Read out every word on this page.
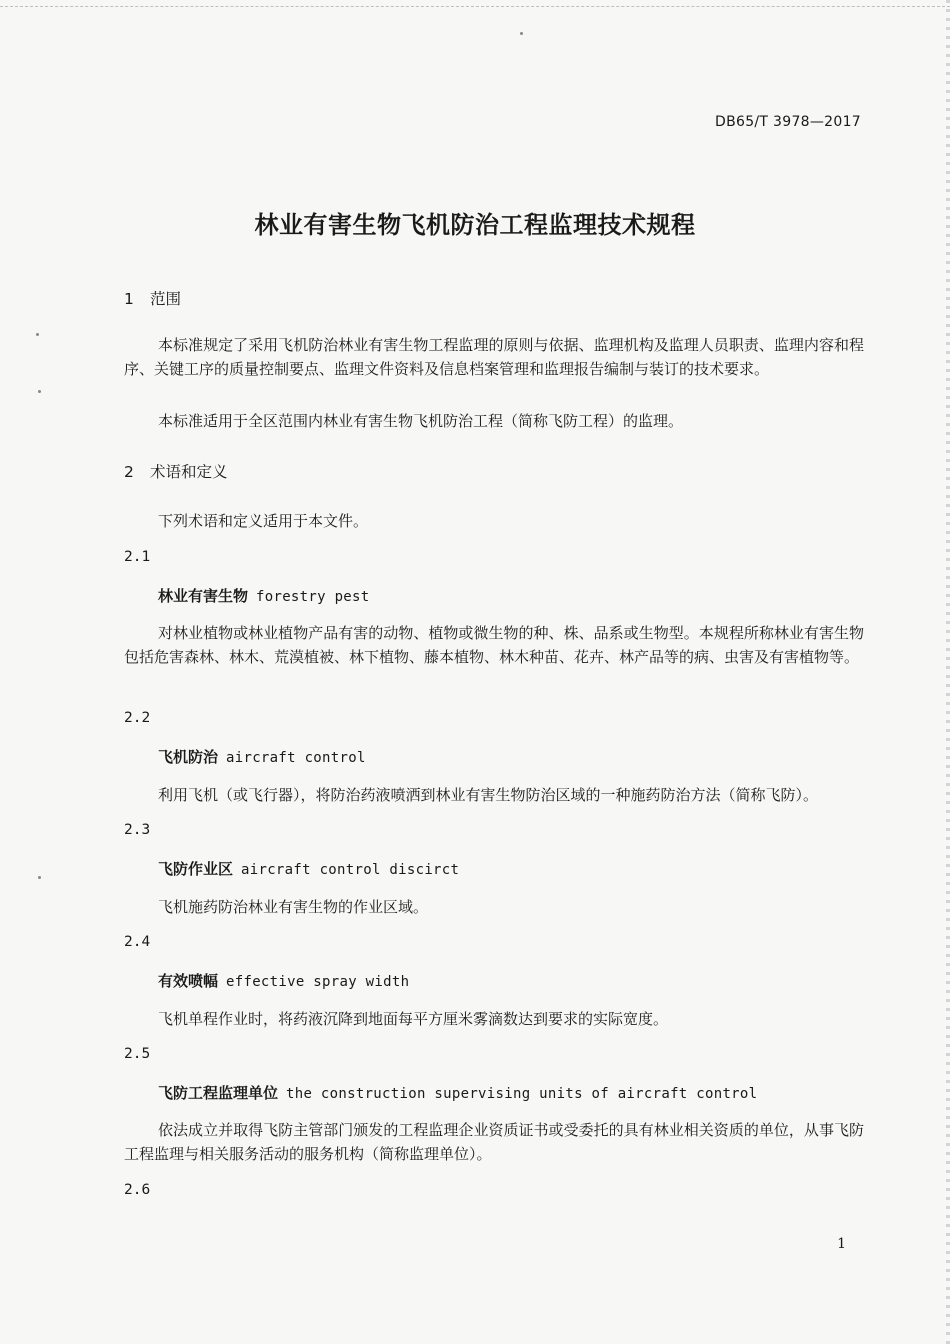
DB65/T 3978—2017
林业有害生物飞机防治工程监理技术规程
1 范围
本标准规定了采用飞机防治林业有害生物工程监理的原则与依据、监理机构及监理人员职责、监理内容和程序、关键工序的质量控制要点、监理文件资料及信息档案管理和监理报告编制与装订的技术要求。
本标准适用于全区范围内林业有害生物飞机防治工程（简称飞防工程）的监理。
2 术语和定义
下列术语和定义适用于本文件。
2.1
林业有害生物 forestry pest
对林业植物或林业植物产品有害的动物、植物或微生物的种、株、品系或生物型。本规程所称林业有害生物包括危害森林、林木、荒漠植被、林下植物、藤本植物、林木种苗、花卉、林产品等的病、虫害及有害植物等。
2.2
飞机防治 aircraft control
利用飞机（或飞行器），将防治药液喷洒到林业有害生物防治区域的一种施药防治方法（简称飞防）。
2.3
飞防作业区 aircraft control discirct
飞机施药防治林业有害生物的作业区域。
2.4
有效喷幅 effective spray width
飞机单程作业时，将药液沉降到地面每平方厘米雾滴数达到要求的实际宽度。
2.5
飞防工程监理单位 the construction supervising units of aircraft control
依法成立并取得飞防主管部门颁发的工程监理企业资质证书或受委托的具有林业相关资质的单位，从事飞防工程监理与相关服务活动的服务机构（简称监理单位）。
2.6
1
